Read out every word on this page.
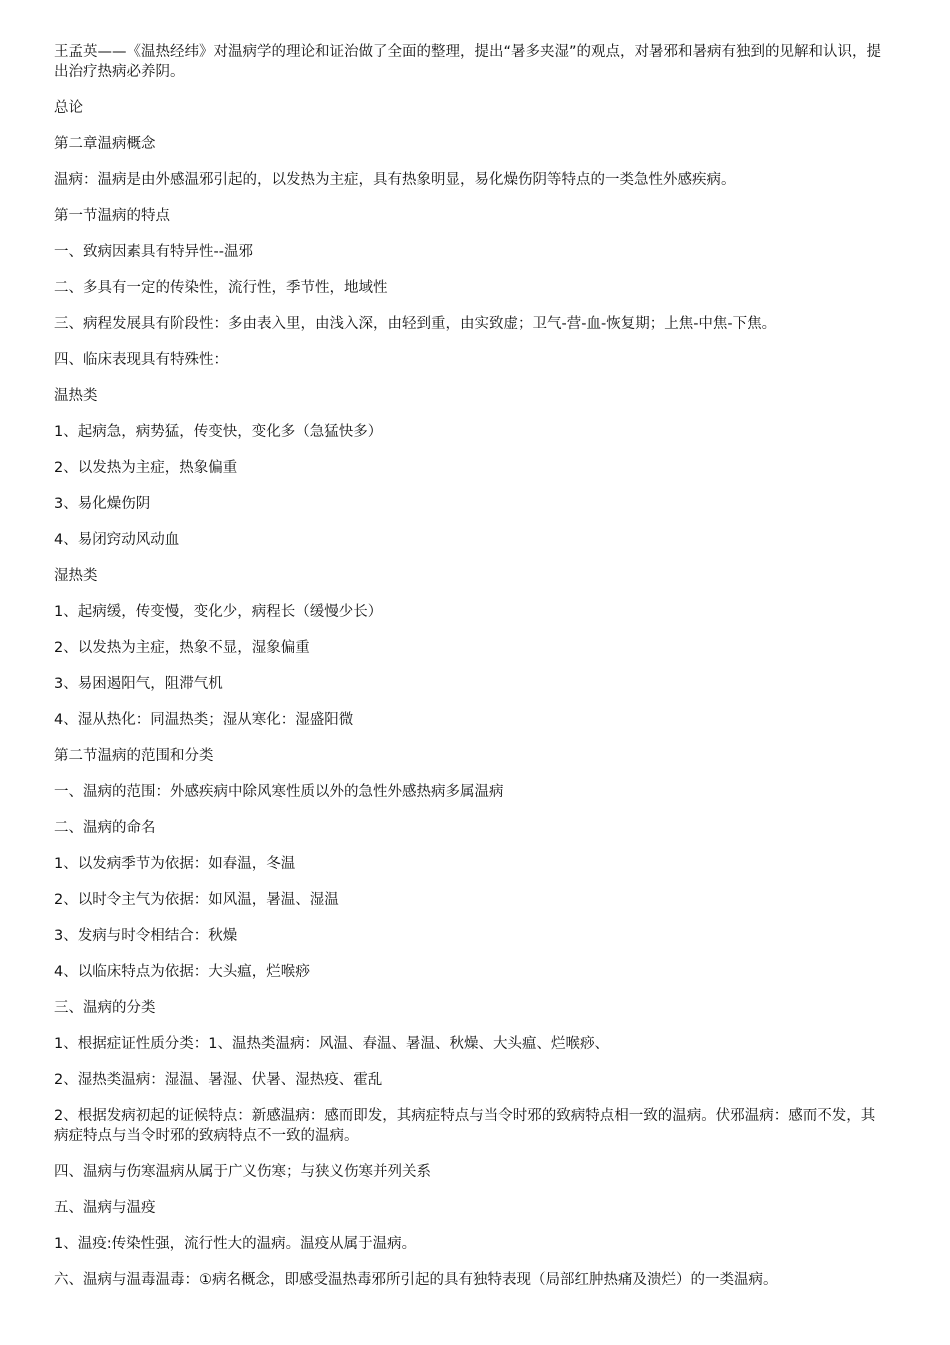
王孟英——《温热经纬》对温病学的理论和证治做了全面的整理，提出“暑多夹湿”的观点，对暑邪和暑病有独到的见解和认识，提出治疗热病必养阴。

总论

第二章温病概念

温病：温病是由外感温邪引起的，以发热为主症，具有热象明显，易化燥伤阴等特点的一类急性外感疾病。

第一节温病的特点

一、致病因素具有特异性--温邪

二、多具有一定的传染性，流行性，季节性，地域性

三、病程发展具有阶段性：多由表入里，由浅入深，由轻到重，由实致虚；卫气-营-血-恢复期；上焦-中焦-下焦。

四、临床表现具有特殊性：

温热类

1、起病急，病势猛，传变快，变化多（急猛快多）

2、以发热为主症，热象偏重

3、易化燥伤阴

4、易闭窍动风动血

湿热类

1、起病缓，传变慢，变化少，病程长（缓慢少长）

2、以发热为主症，热象不显，湿象偏重

3、易困遏阳气，阻滞气机

4、湿从热化：同温热类；湿从寒化：湿盛阳微

第二节温病的范围和分类

一、温病的范围：外感疾病中除风寒性质以外的急性外感热病多属温病

二、温病的命名

1、以发病季节为依据：如春温，冬温

2、以时令主气为依据：如风温，暑温、湿温

3、发病与时令相结合：秋燥

4、以临床特点为依据：大头瘟，烂喉痧

三、温病的分类

1、根据症证性质分类：1、温热类温病：风温、春温、暑温、秋燥、大头瘟、烂喉痧、

2、湿热类温病：湿温、暑湿、伏暑、湿热疫、霍乱

2、根据发病初起的证候特点：新感温病：感而即发，其病症特点与当令时邪的致病特点相一致的温病。伏邪温病：感而不发，其病症特点与当令时邪的致病特点不一致的温病。

四、温病与伤寒温病从属于广义伤寒；与狭义伤寒并列关系

五、温病与温疫

1、温疫:传染性强，流行性大的温病。温疫从属于温病。

六、温病与温毒温毒：①病名概念，即感受温热毒邪所引起的具有独特表现（局部红肿热痛及溃烂）的一类温病。
